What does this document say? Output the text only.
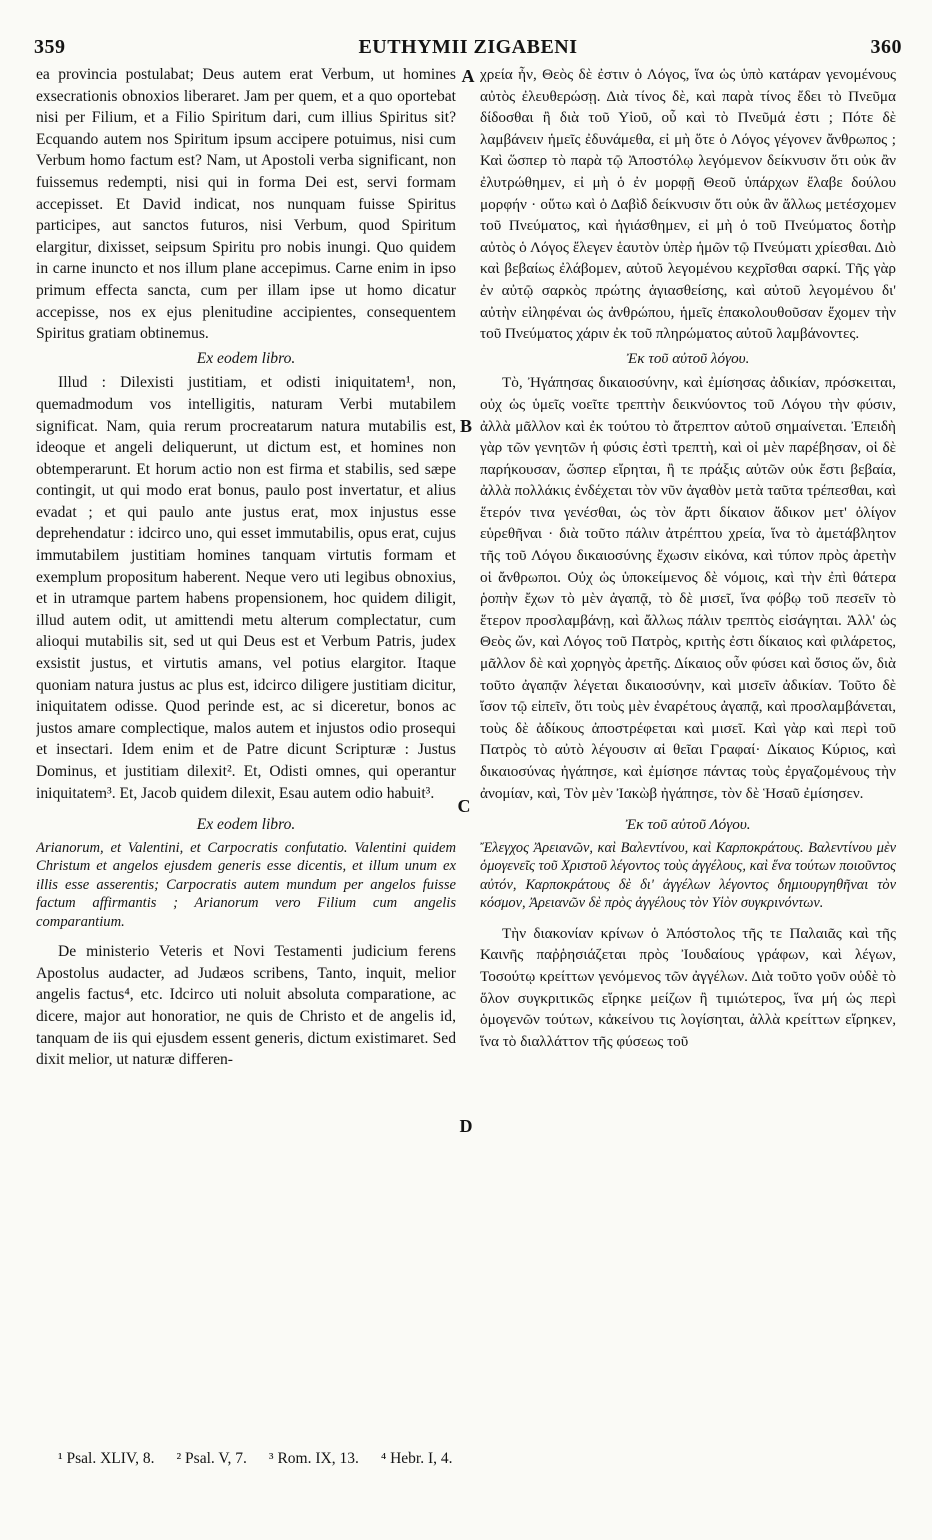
359	EUTHYMII ZIGABENI	360
A
B
C
D

ea provincia postulabat; Deus autem erat Verbum, ut homines exsecrationis obnoxios liberaret. Jam per quem, et a quo oportebat nisi per Filium, et a Filio Spiritum dari, cum illius Spiritus sit? Ecquando autem nos Spiritum ipsum accipere potuimus, nisi cum Verbum homo factum est? Nam, ut Apostoli verba significant, non fuissemus redempti, nisi qui in forma Dei est, servi formam accepisset. Et David indicat, nos nunquam fuisse Spiritus participes, aut sanctos futuros, nisi Verbum, quod Spiritum elargitur, dixisset, seipsum Spiritu pro nobis inungi. Quo quidem in carne inuncto et nos illum plane accepimus. Carne enim in ipso primum effecta sancta, cum per illam ipse ut homo dicatur accepisse, nos ex ejus plenitudine accipientes, consequentem Spiritus gratiam obtinemus.

Ex eodem libro.

Illud : Dilexisti justitiam, et odisti iniquitatem¹, non, quemadmodum vos intelligitis, naturam Verbi mutabilem significat. Nam, quia rerum procreatarum natura mutabilis est, ideoque et angeli deliquerunt, ut dictum est, et homines non obtemperarunt. Et horum actio non est firma et stabilis, sed sæpe contingit, ut qui modo erat bonus, paulo post invertatur, et alius evadat ; et qui paulo ante justus erat, mox injustus esse deprehendatur : idcirco uno, qui esset immutabilis, opus erat, cujus immutabilem justitiam homines tanquam virtutis formam et exemplum propositum haberent. Neque vero uti legibus obnoxius, et in utramque partem habens propensionem, hoc quidem diligit, illud autem odit, ut amittendi metu alterum complectatur, cum alioqui mutabilis sit, sed ut qui Deus est et Verbum Patris, judex exsistit justus, et virtutis amans, vel potius elargitor. Itaque quoniam natura justus ac plus est, idcirco diligere justitiam dicitur, iniquitatem odisse. Quod perinde est, ac si diceretur, bonos ac justos amare complectique, malos autem et injustos odio prosequi et insectari. Idem enim et de Patre dicunt Scripturæ : Justus Dominus, et justitiam dilexit². Et, Odisti omnes, qui operantur iniquitatem³. Et, Jacob quidem dilexit, Esau autem odio habuit³.

Ex eodem libro.

Arianorum, et Valentini, et Carpocratis confutatio. Valentini quidem Christum et angelos ejusdem generis esse dicentis, et illum unum ex illis esse asserentis; Carpocratis autem mundum per angelos fuisse factum affirmantis ; Arianorum vero Filium cum angelis comparantium.

De ministerio Veteris et Novi Testamenti judicium ferens Apostolus audacter, ad Judæos scribens, Tanto, inquit, melior angelis factus⁴, etc. Idcirco uti noluit absoluta comparatione, ac dicere, major aut honoratior, ne quis de Christo et de angelis id, tanquam de iis qui ejusdem essent generis, dictum existimaret. Sed dixit melior, ut naturæ differen-

χρεία ἦν, Θεὸς δὲ ἐστιν ὁ Λόγος, ἵνα ὡς ὑπὸ κατάραν γενομένους αὐτὸς ἐλευθερώσῃ. Διὰ τίνος δὲ, καὶ παρὰ τίνος ἔδει τὸ Πνεῦμα δίδοσθαι ἢ διὰ τοῦ Υἱοῦ, οὗ καὶ τὸ Πνεῦμά ἐστι ; Πότε δὲ λαμβάνειν ἡμεῖς ἐδυνάμεθα, εἰ μὴ ὅτε ὁ Λόγος γέγονεν ἄνθρωπος ; Καὶ ὥσπερ τὸ παρὰ τῷ Ἀποστόλῳ λεγόμενον δείκνυσιν ὅτι οὐκ ἂν ἐλυτρώθημεν, εἰ μὴ ὁ ἐν μορφῇ Θεοῦ ὑπάρχων ἔλαβε δούλου μορφήν · οὕτω καὶ ὁ Δαβὶδ δείκνυσιν ὅτι οὐκ ἂν ἄλλως μετέσχομεν τοῦ Πνεύματος, καὶ ἡγιάσθημεν, εἰ μὴ ὁ τοῦ Πνεύματος δοτὴρ αὐτὸς ὁ Λόγος ἔλεγεν ἑαυτὸν ὑπὲρ ἡμῶν τῷ Πνεύματι χρίεσθαι. Διὸ καὶ βεβαίως ἐλάβομεν, αὐτοῦ λεγομένου κεχρῖσθαι σαρκί. Τῆς γὰρ ἐν αὐτῷ σαρκὸς πρώτης ἁγιασθείσης, καὶ αὐτοῦ λεγομένου δι' αὐτὴν εἰληφέναι ὡς ἀνθρώπου, ἡμεῖς ἐπακολουθοῦσαν ἔχομεν τὴν τοῦ Πνεύματος χάριν ἐκ τοῦ πληρώματος αὐτοῦ λαμβάνοντες.

Ἐκ τοῦ αὐτοῦ λόγου.

Τὸ, Ἠγάπησας δικαιοσύνην, καὶ ἐμίσησας ἀδικίαν, πρόσκειται, οὐχ ὡς ὑμεῖς νοεῖτε τρεπτὴν δεικνύοντος τοῦ Λόγου τὴν φύσιν, ἀλλὰ μᾶλλον καὶ ἐκ τούτου τὸ ἄτρεπτον αὐτοῦ σημαίνεται. Ἐπειδὴ γὰρ τῶν γενητῶν ἡ φύσις ἐστὶ τρεπτὴ, καὶ οἱ μὲν παρέβησαν, οἱ δὲ παρήκουσαν, ὥσπερ εἴρηται, ἢ τε πράξις αὐτῶν οὐκ ἔστι βεβαία, ἀλλὰ πολλάκις ἐνδέχεται τὸν νῦν ἀγαθὸν μετὰ ταῦτα τρέπεσθαι, καὶ ἕτερόν τινα γενέσθαι, ὡς τὸν ἄρτι δίκαιον ἄδικον μετ' ὀλίγον εὑρεθῆναι · διὰ τοῦτο πάλιν ἀτρέπτου χρεία, ἵνα τὸ ἀμετάβλητον τῆς τοῦ Λόγου δικαιοσύνης ἔχωσιν εἰκόνα, καὶ τύπον πρὸς ἀρετὴν οἱ ἄνθρωποι. Οὐχ ὡς ὑποκείμενος δὲ νόμοις, καὶ τὴν ἐπὶ θάτερα ῥοπὴν ἔχων τὸ μὲν ἀγαπᾷ, τὸ δὲ μισεῖ, ἵνα φόβῳ τοῦ πεσεῖν τὸ ἕτερον προσλαμβάνῃ, καὶ ἄλλως πάλιν τρεπτὸς εἰσάγηται. Ἀλλ' ὡς Θεὸς ὤν, καὶ Λόγος τοῦ Πατρὸς, κριτὴς ἐστι δίκαιος καὶ φιλάρετος, μᾶλλον δὲ καὶ χορηγὸς ἀρετῆς. Δίκαιος οὖν φύσει καὶ ὅσιος ὤν, διὰ τοῦτο ἀγαπᾷν λέγεται δικαιοσύνην, καὶ μισεῖν ἀδικίαν. Τοῦτο δὲ ἴσον τῷ εἰπεῖν, ὅτι τοὺς μὲν ἐναρέτους ἀγαπᾷ, καὶ προσλαμβάνεται, τοὺς δὲ ἀδίκους ἀποστρέφεται καὶ μισεῖ. Καὶ γὰρ καὶ περὶ τοῦ Πατρὸς τὸ αὐτὸ λέγουσιν αἱ θεῖαι Γραφαί· Δίκαιος Κύριος, καὶ δικαιοσύνας ἠγάπησε, καὶ ἐμίσησε πάντας τοὺς ἐργαζομένους τὴν ἀνομίαν, καὶ, Τὸν μὲν Ἰακὼβ ἠγάπησε, τὸν δὲ Ἡσαῦ ἐμίσησεν.

Ἐκ τοῦ αὐτοῦ Λόγου.

Ἔλεγχος Ἀρειανῶν, καὶ Βαλεντίνου, καὶ Καρποκράτους. Βαλεντίνου μὲν ὁμογενεῖς τοῦ Χριστοῦ λέγοντος τοὺς ἀγγέλους, καὶ ἕνα τούτων ποιοῦντος αὐτόν, Καρποκράτους δὲ δι' ἀγγέλων λέγοντος δημιουργηθῆναι τὸν κόσμον, Ἀρειανῶν δὲ πρὸς ἀγγέλους τὸν Υἱὸν συγκρινόντων.

Τὴν διακονίαν κρίνων ὁ Ἀπόστολος τῆς τε Παλαιᾶς καὶ τῆς Καινῆς παῤῥησιάζεται πρὸς Ἰουδαίους γράφων, καὶ λέγων, Τοσούτῳ κρείττων γενόμενος τῶν ἀγγέλων. Διὰ τοῦτο γοῦν οὐδὲ τὸ ὅλον συγκριτικῶς εἴρηκε μείζων ἢ τιμιώτερος, ἵνα μή ὡς περὶ ὁμογενῶν τούτων, κἀκείνου τις λογίσηται, ἀλλὰ κρείττων εἴρηκεν, ἵνα τὸ διαλλάττον τῆς φύσεως τοῦ

¹ Psal. XLIV, 8. ² Psal. V, 7. ³ Rom. IX, 13. ⁴ Hebr. I, 4.
